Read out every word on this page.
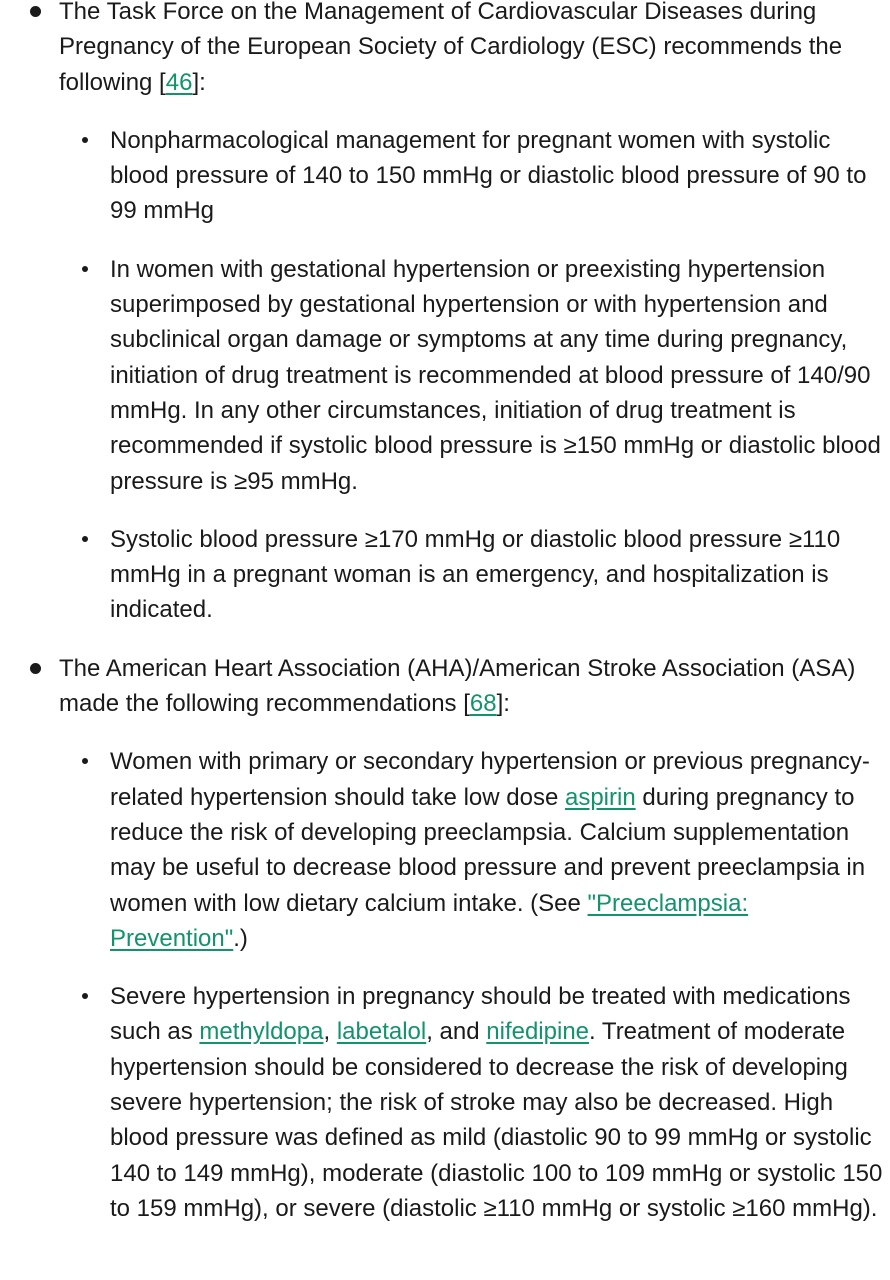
The Task Force on the Management of Cardiovascular Diseases during Pregnancy of the European Society of Cardiology (ESC) recommends the following [46]:
Nonpharmacological management for pregnant women with systolic blood pressure of 140 to 150 mmHg or diastolic blood pressure of 90 to 99 mmHg
In women with gestational hypertension or preexisting hypertension superimposed by gestational hypertension or with hypertension and subclinical organ damage or symptoms at any time during pregnancy, initiation of drug treatment is recommended at blood pressure of 140/90 mmHg. In any other circumstances, initiation of drug treatment is recommended if systolic blood pressure is ≥150 mmHg or diastolic blood pressure is ≥95 mmHg.
Systolic blood pressure ≥170 mmHg or diastolic blood pressure ≥110 mmHg in a pregnant woman is an emergency, and hospitalization is indicated.
The American Heart Association (AHA)/American Stroke Association (ASA) made the following recommendations [68]:
Women with primary or secondary hypertension or previous pregnancy-related hypertension should take low dose aspirin during pregnancy to reduce the risk of developing preeclampsia. Calcium supplementation may be useful to decrease blood pressure and prevent preeclampsia in women with low dietary calcium intake. (See "Preeclampsia: Prevention".)
Severe hypertension in pregnancy should be treated with medications such as methyldopa, labetalol, and nifedipine. Treatment of moderate hypertension should be considered to decrease the risk of developing severe hypertension; the risk of stroke may also be decreased. High blood pressure was defined as mild (diastolic 90 to 99 mmHg or systolic 140 to 149 mmHg), moderate (diastolic 100 to 109 mmHg or systolic 150 to 159 mmHg), or severe (diastolic ≥110 mmHg or systolic ≥160 mmHg).
